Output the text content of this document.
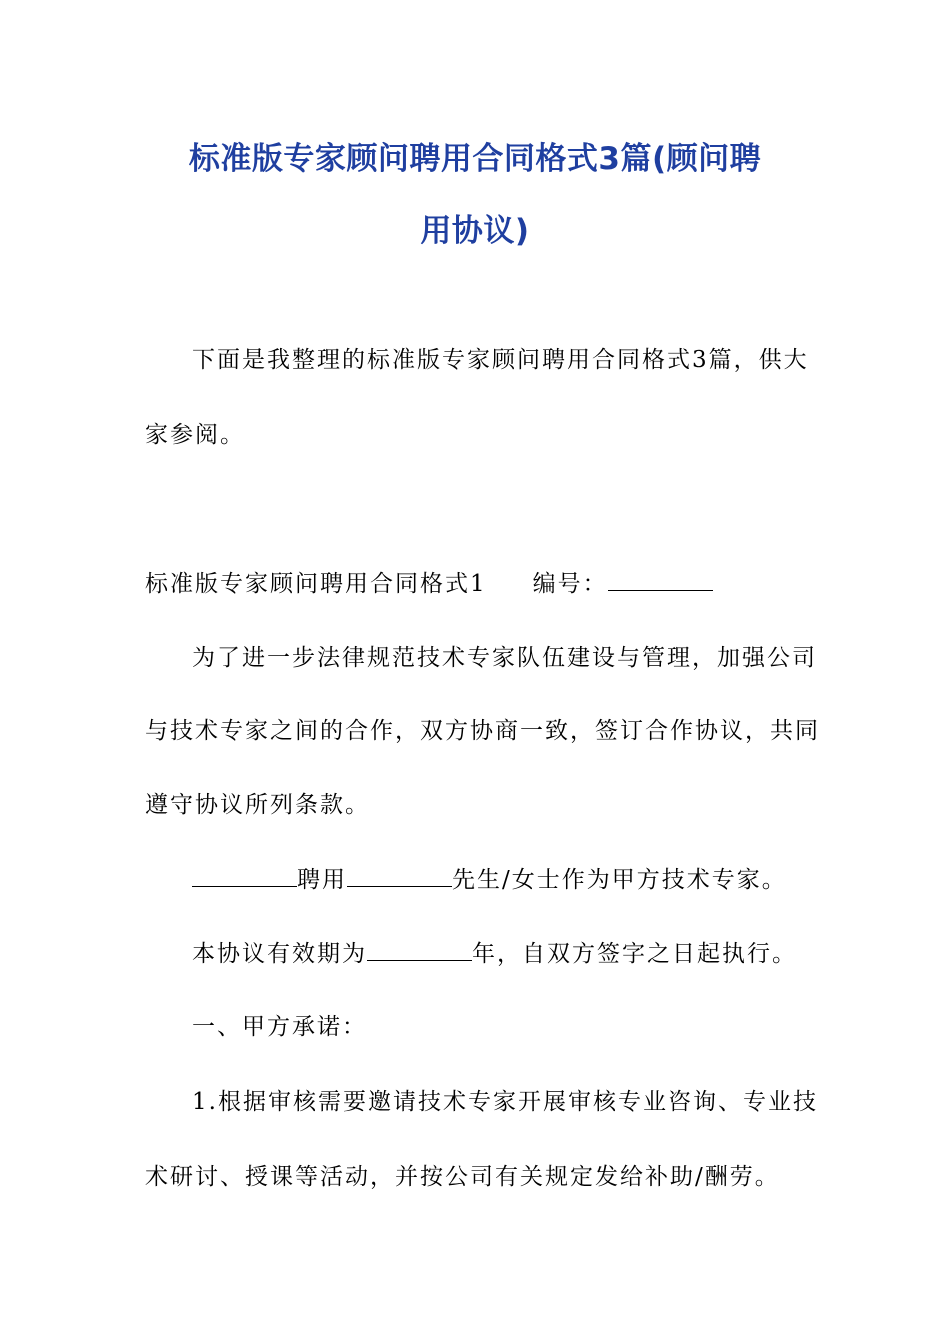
标准版专家顾问聘用合同格式3篇(顾问聘
用协议)
下面是我整理的标准版专家顾问聘用合同格式3篇，供大
家参阅。
标准版专家顾问聘用合同格式1 编号：
为了进一步法律规范技术专家队伍建设与管理，加强公司
与技术专家之间的合作，双方协商一致，签订合作协议，共同
遵守协议所列条款。
聘用	先生/女士作为甲方技术专家。
本协议有效期为	年，自双方签字之日起执行。
一、甲方承诺：
1.根据审核需要邀请技术专家开展审核专业咨询、专业技
术研讨、授课等活动，并按公司有关规定发给补助/酬劳。
